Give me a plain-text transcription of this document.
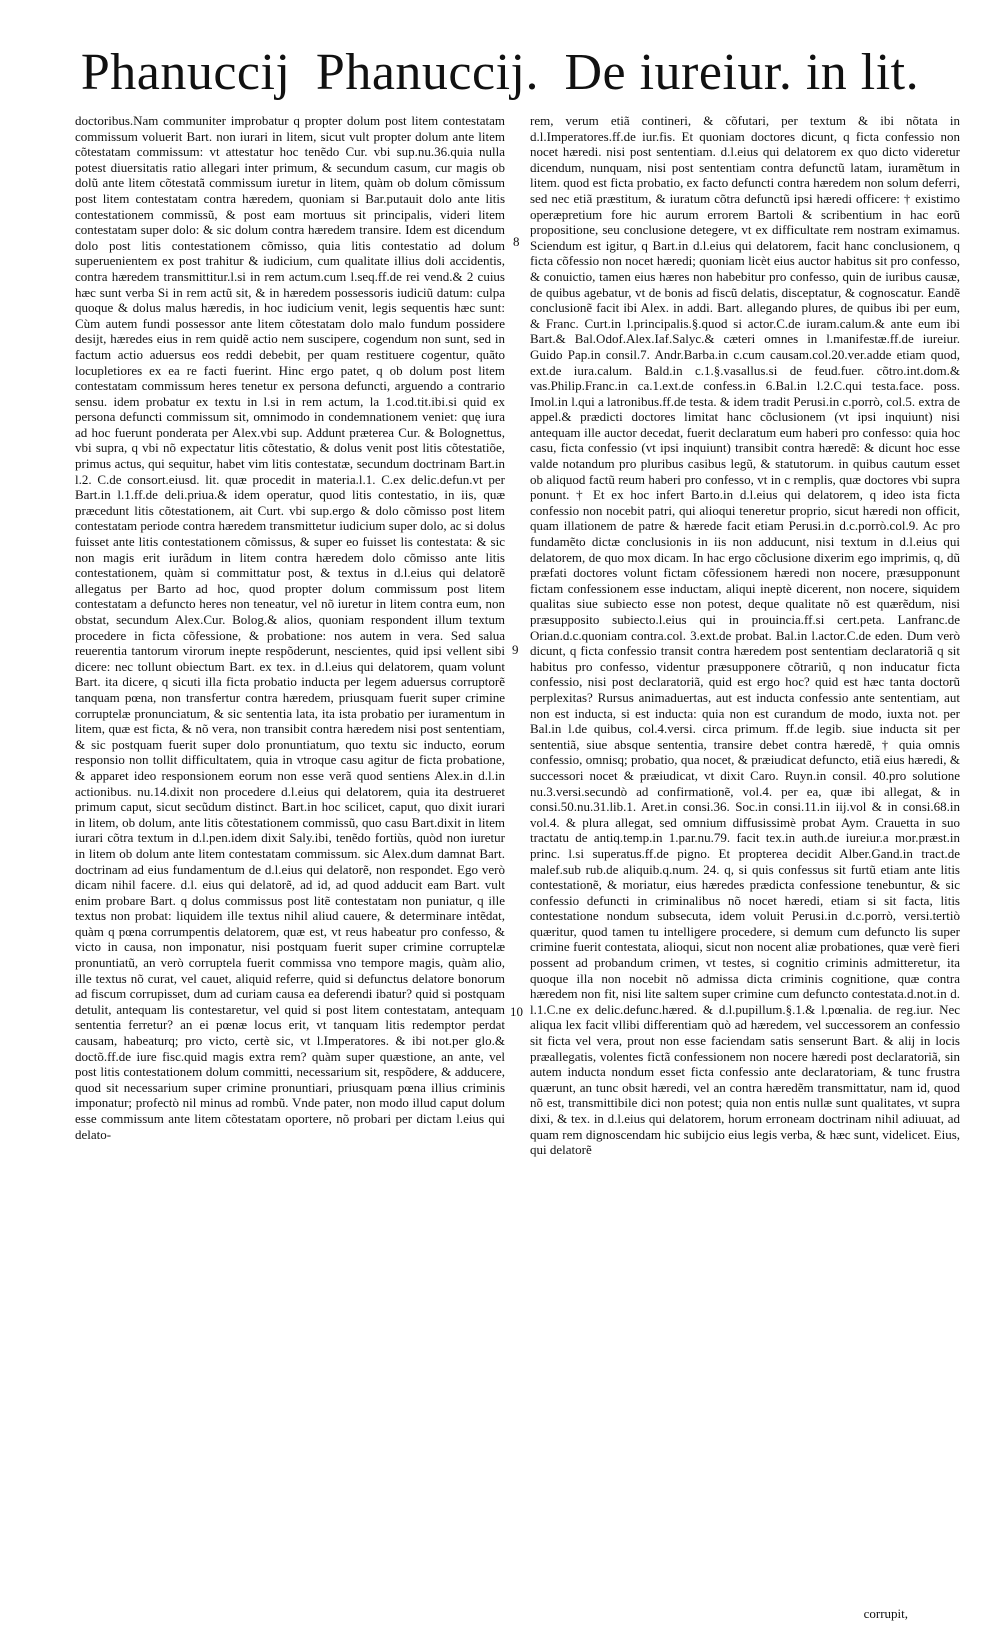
Phanuccij Phanuccij. De iureiur. in lit.

doctoribus.Nam communiter improbatur q propter dolum post litem contestatam commissum voluerit Bart. non iurari in litem, sicut vult propter dolum ante litem cõtestatam commissum: vt attestatur hoc tenẽdo Cur. vbi sup.nu.36.quia nulla potest diuersitatis ratio allegari inter primum, & secundum casum, cur magis ob dolũ ante litem cõtestatã commissum iuretur in litem, quàm ob dolum cõmissum post litem contestatam contra hæredem, quoniam si Bar.putauit dolo ante litis contestationem commissũ, & post eam mortuus sit principalis, videri litem contestatam super dolo: & sic dolum contra hæredem transire. Idem est dicendum dolo post litis contestationem cõmisso, quia litis contestatio ad dolum superuenientem ex post trahitur & iudicium, cum qualitate illius doli accidentis, contra hæredem transmittitur.l.si in rem actum.cum l.seq.ff.de rei vend.& 2 cuius hæc sunt verba Si in rem actũ sit, & in hæredem possessoris iudiciũ datum: culpa quoque & dolus malus hæredis, in hoc iudicium venit, legis sequentis hæc sunt: Cùm autem fundi possessor ante litem cõtestatam dolo malo fundum possidere desijt, hæredes eius in rem quidẽ actio nem suscipere, cogendum non sunt, sed in factum actio aduersus eos reddi debebit, per quam restituere cogentur, quãto locupletiores ex ea re facti fuerint. Hinc ergo patet, q ob dolum post litem contestatam commissum heres tenetur ex persona defuncti, arguendo a contrario sensu. idem probatur ex textu in l.si in rem actum, la 1.cod.tit.ibi.si quid ex persona defuncti commissum sit, omnimodo in condemnationem veniet: quę iura ad hoc fuerunt ponderata per Alex.vbi sup. Addunt præterea Cur. & Bolognettus, vbi supra, q vbi nõ expectatur litis cõtestatio, & dolus venit post litis cõtestatiõe, primus actus, qui sequitur, habet vim litis contestatæ, secundum doctrinam Bart.in l.2. C.de consort.eiusd. lit. quæ procedit in materia.l.1. C.ex delic.defun.vt per Bart.in l.1.ff.de deli.priua.& idem operatur, quod litis contestatio, in iis, quæ præcedunt litis cõtestationem, ait Curt. vbi sup.ergo & dolo cõmisso post litem contestatam periode contra hæredem transmittetur iudicium super dolo, ac si dolus fuisset ante litis contestationem cõmissus, & super eo fuisset lis contestata: & sic non magis erit iurãdum in litem contra hæredem dolo cõmisso ante litis contestationem, quàm si committatur post, & textus in d.l.eius qui delatorẽ allegatus per Barto ad hoc, quod propter dolum commissum post litem contestatam a defuncto heres non teneatur, vel nõ iuretur in litem contra eum, non obstat, secundum Alex.Cur. Bolog.& alios, quoniam respondent illum textum procedere in ficta cõfessione, & probatione: nos autem in vera. Sed salua reuerentia tantorum virorum inepte respõderunt, nescientes, quid ipsi vellent sibi dicere: nec tollunt obiectum Bart. ex tex. in d.l.eius qui delatorem, quam volunt Bart. ita dicere, q sicuti illa ficta probatio inducta per legem aduersus corruptorẽ tanquam pœna, non transfertur contra hæredem, priusquam fuerit super crimine corruptelæ pronunciatum, & sic sententia lata, ita ista probatio per iuramentum in litem, quæ est ficta, & nõ vera, non transibit contra hæredem nisi post sententiam, & sic postquam fuerit super dolo pronuntiatum, quo textu sic inducto, eorum responsio non tollit difficultatem, quia in vtroque casu agitur de ficta probatione, & apparet ideo responsionem eorum non esse verã quod sentiens Alex.in d.l.in actionibus. nu.14.dixit non procedere d.l.eius qui delatorem, quia ita destrueret primum caput, sicut secũdum distinct. Bart.in hoc scilicet, caput, quo dixit iurari in litem, ob dolum, ante litis cõtestationem commissũ, quo casu Bart.dixit in litem iurari cõtra textum in d.l.pen.idem dixit Saly.ibi, tenẽdo fortiùs, quòd non iuretur in litem ob dolum ante litem contestatam commissum. sic Alex.dum damnat Bart. doctrinam ad eius fundamentum de d.l.eius qui delatorẽ, non respondet. Ego verò dicam nihil facere. d.l. eius qui delatorẽ, ad id, ad quod adducit eam Bart. vult enim probare Bart. q dolus commissus post litẽ contestatam non puniatur, q ille textus non probat: liquidem ille textus nihil aliud cauere, & determinare intẽdat, quàm q pœna corrumpentis delatorem, quæ est, vt reus habeatur pro confesso, & victo in causa, non imponatur, nisi postquam fuerit super crimine corruptelæ pronuntiatũ, an verò corruptela fuerit commissa vno tempore magis, quàm alio, ille textus nõ curat, vel cauet, aliquid referre, quid si defunctus delatore bonorum ad fiscum corrupisset, dum ad curiam causa ea deferendi ibatur? quid si postquam detulit, antequam lis contestaretur, vel quid si post litem contestatam, antequam sententia ferretur? an ei pœnæ locus erit, vt tanquam litis redemptor perdat causam, habeaturq; pro victo, certè sic, vt l.Imperatores. & ibi not.per glo.& doctõ.ff.de iure fisc.quid magis extra rem? quàm super quæstione, an ante, vel post litis contestationem dolum committi, necessarium sit, respõdere, & adducere, quod sit necessarium super crimine pronuntiari, priusquam pœna illius criminis imponatur; profectò nil minus ad rombũ. Vnde pater, non modo illud caput dolum esse commissum ante litem cõtestatam oportere, nõ probari per dictam l.eius qui delato-

8
9
10

rem, verum etiã contineri, & cõfutari, per textum & ibi nõtata in d.l.Imperatores.ff.de iur.fis. Et quoniam doctores dicunt, q ficta confessio non nocet hæredi. nisi post sententiam. d.l.eius qui delatorem ex quo dicto videretur dicendum, nunquam, nisi post sententiam contra defunctũ latam, iuramẽtum in litem. quod est ficta probatio, ex facto defuncti contra hæredem non solum deferri, sed nec etiã præstitum, & iuratum cõtra defunctũ ipsi hæredi officere: † existimo operæpretium fore hic aurum errorem Bartoli & scribentium in hac eorũ propositione, seu conclusione detegere, vt ex difficultate rem nostram eximamus. Sciendum est igitur, q Bart.in d.l.eius qui delatorem, facit hanc conclusionem, q ficta cõfessio non nocet hæredi; quoniam licèt eius auctor habitus sit pro confesso, & conuictio, tamen eius hæres non habebitur pro confesso, quin de iuribus causæ, de quibus agebatur, vt de bonis ad fiscũ delatis, disceptatur, & cognoscatur. Eandẽ conclusionẽ facit ibi Alex. in addi. Bart. allegando plures, de quibus ibi per eum, & Franc. Curt.in l.principalis.§.quod si actor.C.de iuram.calum.& ante eum ibi Bart.& Bal.Odof.Alex.Iaf.Salyc.& cæteri omnes in l.manifestæ.ff.de iureiur. Guido Pap.in consil.7. Andr.Barba.in c.cum causam.col.20.ver.adde etiam quod, ext.de iura.calum. Bald.in c.1.§.vasallus.si de feud.fuer. cõtro.int.dom.& vas.Philip.Franc.in ca.1.ext.de confess.in 6.Bal.in l.2.C.qui testa.face. poss. Imol.in l.qui a latronibus.ff.de testa. & idem tradit Perusi.in c.porrò, col.5. extra de appel.& prædicti doctores limitat hanc cõclusionem (vt ipsi inquiunt) nisi antequam ille auctor decedat, fuerit declaratum eum haberi pro confesso: quia hoc casu, ficta confessio (vt ipsi inquiunt) transibit contra hæredẽ: & dicunt hoc esse valde notandum pro pluribus casibus legũ, & statutorum. in quibus cautum esset ob aliquod factũ reum haberi pro confesso, vt in c remplis, quæ doctores vbi supra ponunt. † Et ex hoc infert Barto.in d.l.eius qui delatorem, q ideo ista ficta confessio non nocebit patri, qui alioqui teneretur proprio, sicut hæredi non officit, quam illationem de patre & hærede facit etiam Perusi.in d.c.porrò.col.9. Ac pro fundamẽto dictæ conclusionis in iis non adducunt, nisi textum in d.l.eius qui delatorem, de quo mox dicam. In hac ergo cõclusione dixerim ego imprimis, q, dũ præfati doctores volunt fictam cõfessionem hæredi non nocere, præsupponunt fictam confessionem esse inductam, aliqui ineptè dicerent, non nocere, siquidem qualitas siue subiecto esse non potest, deque qualitate nõ est quærẽdum, nisi præsupposito subiecto.l.eius qui in prouincia.ff.si cert.peta. Lanfranc.de Orian.d.c.quoniam contra.col. 3.ext.de probat. Bal.in l.actor.C.de eden. Dum verò dicunt, q ficta confessio transit contra hæredem post sententiam declaratoriã q sit habitus pro confesso, videntur præsupponere cõtrariũ, q non inducatur ficta confessio, nisi post declaratoriã, quid est ergo hoc? quid est hæc tanta doctorũ perplexitas? Rursus animaduertas, aut est inducta confessio ante sententiam, aut non est inducta, si est inducta: quia non est curandum de modo, iuxta not. per Bal.in l.de quibus, col.4.versi. circa primum. ff.de legib. siue inducta sit per sententiã, siue absque sententia, transire debet contra hæredẽ, † quia omnis confessio, omnisq; probatio, qua nocet, & præiudicat defuncto, etiã eius hæredi, & successori nocet & præiudicat, vt dixit Caro. Ruyn.in consil. 40.pro solutione nu.3.versi.secundò ad confirmationẽ, vol.4. per ea, quæ ibi allegat, & in consi.50.nu.31.lib.1. Aret.in consi.36. Soc.in consi.11.in iij.vol & in consi.68.in vol.4. & plura allegat, sed omnium diffusissimè probat Aym. Crauetta in suo tractatu de antiq.temp.in 1.par.nu.79. facit tex.in auth.de iureiur.a mor.præst.in princ. l.si superatus.ff.de pigno. Et propterea decidit Alber.Gand.in tract.de malef.sub rub.de aliquib.q.num. 24. q, si quis confessus sit furtũ etiam ante litis contestationẽ, & moriatur, eius hæredes prædicta confessione tenebuntur, & sic confessio defuncti in criminalibus nõ nocet hæredi, etiam si sit facta, litis contestatione nondum subsecuta, idem voluit Perusi.in d.c.porrò, versi.tertiò quæritur, quod tamen tu intelligere procedere, si demum cum defuncto lis super crimine fuerit contestata, alioqui, sicut non nocent aliæ probationes, quæ verè fieri possent ad probandum crimen, vt testes, si cognitio criminis admitteretur, ita quoque illa non nocebit nõ admissa dicta criminis cognitione, quæ contra hæredem non fit, nisi lite saltem super crimine cum defuncto contestata.d.not.in d. l.1.C.ne ex delic.defunc.hæred. & d.l.pupillum.§.1.& l.pœnalia. de reg.iur. Nec aliqua lex facit vllibi differentiam quò ad hæredem, vel successorem an confessio sit ficta vel vera, prout non esse faciendam satis senserunt Bart. & alij in locis præallegatis, volentes fictã confessionem non nocere hæredi post declaratoriã, sin autem inducta nondum esset ficta confessio ante declaratoriam, & tunc frustra quærunt, an tunc obsit hæredi, vel an contra hæredẽm transmittatur, nam id, quod nõ est, transmittibile dici non potest; quia non entis nullæ sunt qualitates, vt supra dixi, & tex. in d.l.eius qui delatorem, horum erroneam doctrinam nihil adiuuat, ad quam rem dignoscendam hic subijcio eius legis verba, & hæc sunt, videlicet. Eius, qui delatorẽ

corrupit,
